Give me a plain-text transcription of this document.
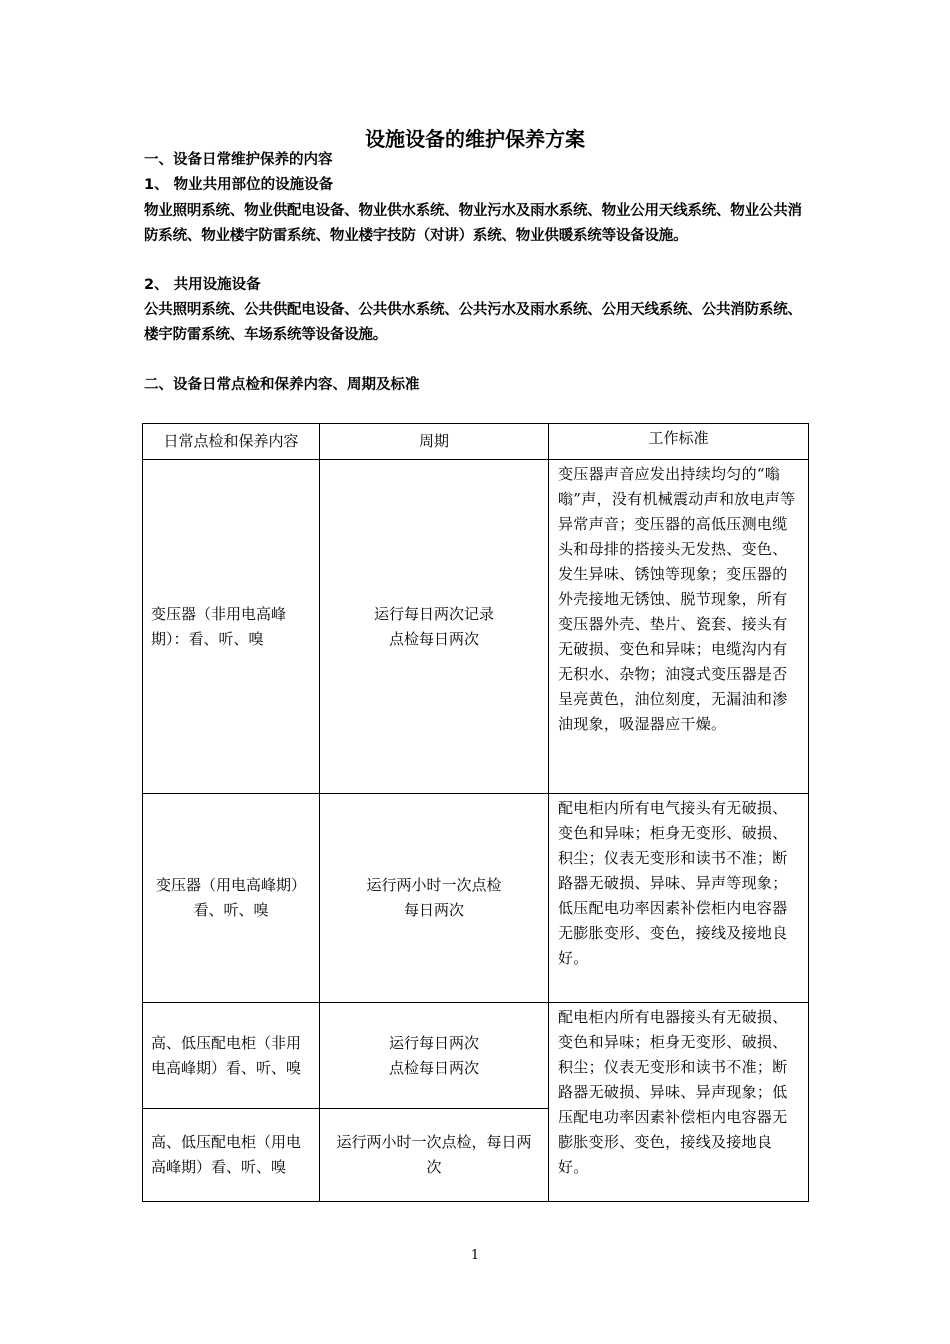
设施设备的维护保养方案
一、设备日常维护保养的内容
1、 物业共用部位的设施设备
物业照明系统、物业供配电设备、物业供水系统、物业污水及雨水系统、物业公用天线系统、物业公共消防系统、物业楼宇防雷系统、物业楼宇技防（对讲）系统、物业供暖系统等设备设施。
2、 共用设施设备
公共照明系统、公共供配电设备、公共供水系统、公共污水及雨水系统、公用天线系统、公共消防系统、楼宇防雷系统、车场系统等设备设施。
二、设备日常点检和保养内容、周期及标准
日常点检和保养内容	周期	工作标准

变压器（非用电高峰
期）：看、听、嗅	运行每日两次记录
点检每日两次	变压器声音应发出持续均匀的“嗡嗡”声，没有机械震动声和放电声等异常声音；变压器的高低压测电缆头和母排的搭接头无发热、变色、发生异味、锈蚀等现象；变压器的外壳接地无锈蚀、脱节现象，所有变压器外壳、垫片、瓷套、接头有无破损、变色和异味；电缆沟内有无积水、杂物；油寖式变压器是否呈亮黄色，油位刻度，无漏油和渗油现象，吸湿器应干燥。

变压器（用电高峰期）
看、听、嗅	运行两小时一次点检
每日两次	配电柜内所有电气接头有无破损、变色和异味；柜身无变形、破损、积尘；仪表无变形和读书不准；断路器无破损、异味、异声等现象；低压配电功率因素补偿柜内电容器无膨胀变形、变色，接线及接地良好。

高、低压配电柜（非用
电高峰期）看、听、嗅	运行每日两次
点检每日两次	配电柜内所有电器接头有无破损、变色和异味；柜身无变形、破损、积尘；仪表无变形和读书不准；断路器无破损、异味、异声现象；低压配电功率因素补偿柜内电容器无膨胀变形、变色，接线及接地良好。

高、低压配电柜（用电
高峰期）看、听、嗅	运行两小时一次点检，每日两
次	
1
